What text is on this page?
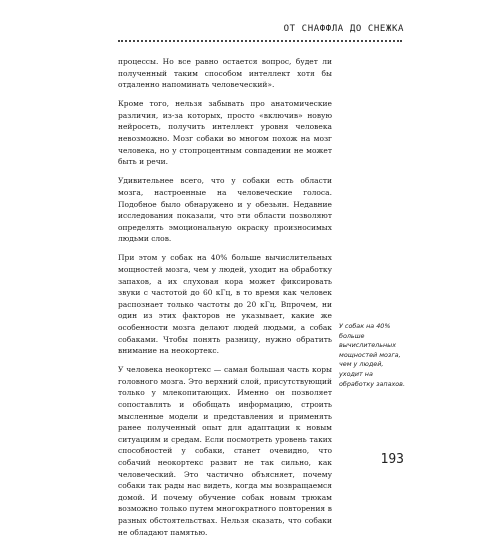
ОТ СНАФФЛА ДО СНЕЖКА

процессы. Но все равно остается вопрос, будет ли полученный таким способом интеллект хотя бы отдаленно напоминать человеческий».

Кроме того, нельзя забывать про анатомические различия, из-за которых, просто «включив» новую нейросеть, получить интеллект уровня человека невозможно. Мозг собаки во многом похож на мозг человека, но у стопроцентным совпадении не может быть и речи.

Удивительнее всего, что у собаки есть области мозга, настроенные на человеческие голоса. Подобное было обнаружено и у обезьян. Недавние исследования показали, что эти области позволяют определять эмоциональную окраску произносимых людьми слов.

При этом у собак на 40% больше вычислительных мощностей мозга, чем у людей, уходит на обработку запахов, а их слуховая кора может фиксировать звуки с частотой до 60 кГц, в то время как человек распознает только частоты до 20 кГц. Впрочем, ни один из этих факторов не указывает, какие же особенности мозга делают людей людьми, а собак собаками. Чтобы понять разницу, нужно обратить внимание на неокортекс.

У человека неокортекс — самая большая часть коры головного мозга. Это верхний слой, присутствующий только у млекопитающих. Именно он позволяет сопоставлять и обобщать информацию, строить мысленные модели и представления и применять ранее полученный опыт для адаптации к новым ситуациям и средам. Если посмотреть уровень таких способностей у собаки, станет очевидно, что собачий неокортекс развит не так сильно, как человеческий. Это частично объясняет, почему собаки так рады нас видеть, когда мы возвращаемся домой. И почему обучение собак новым трюкам возможно только путем многократного повторения в разных обстоятельствах. Нельзя сказать, что собаки не обладают памятью.

У собак на 40% больше вычислительных мощностей мозга, чем у людей, уходит на обработку запахов.
193
